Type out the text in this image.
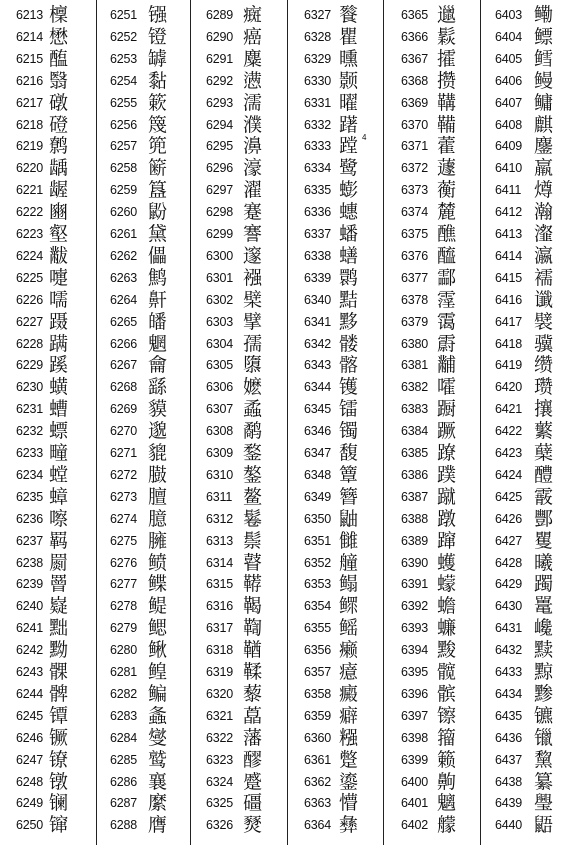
6213 檁
6214 懋
6215 醢
6216 翳
6217 礅
6218 磴
6219 鹩
6220 龋
6221 龌
6222 豳
6223 壑
6224 黻
6225 嚏
6226 嚅
6227 蹑
6228 蹒
6229 蹊
6230 蟥
6231 螬
6232 螵
6233 疃
6234 螳
6235 蟑
6236 嚓
6237 羁
6238 罽
6239 罾
6240 嶷
6241 黜
6242 黝
6243 髁
6244 髀
6245 镡
6246 镢
6247 镣
6248 镦
6249 镧
6250 镩
6251 镪
6252 镫
6253 罅
6254 黏
6255 簌
6256 篾
6257 篼
6258 簖
6259 簋
6260 鼢
6261 黛
6262 儡
6263 鹪
6264 鼾
6265 皤
6266 魍
6267 龠
6268 繇
6269 貘
6270 邈
6271 貔
6272 臌
6273 膻
6274 臆
6275 臃
6276 鲼
6277 鲽
6278 鳀
6279 鳃
6280 鳅
6281 鳇
6282 鳊
6283 螽
6284 燮
6285 鹫
6286 襄
6287 縻
6288 膺
6289 癍
6290 癌
6291 麋
6292 懑
6293 濡
6294 濮
6295 濞
6296 濠
6297 濯
6298 蹇
6299 謇
6300 邃
6301 襁
6302 檗
6303 擘
6304 孺
6305 隳
6306 嬷
6307 蟊
6308 鹬
6309 鍪
6310 鏊
6311 鳌
6312 鬈
6313 鬃
6314 瞽
6315 鞯
6316 鞨
6317 鞫
6318 鞧
6319 鞣
6320 藜
6321 藠
6322 藩
6323 醪
6324 蹙
6325 礓
6326 燹
6327 餮
6328 瞿
6329 曛
6330 颢
6331 曜
6332 躇
6333 蹚 4
6334 鹭
6335 蟛
6336 蟪
6337 蟠
6338 蟮
6339 鹮
6340 黠
6341 黟
6342 髅
6343 髂
6344 镬
6345 镭
6346 镯
6347 馥
6348 簟
6349 簪
6350 鼬
6351 雠
6352 艟
6353 鳎
6354 鳏
6355 鳐
6356 癞
6357 癔
6358 癜
6359 癖
6360 糨
6361 蹩
6362 鎏
6363 懵
6364 彝
6365 邋
6366 鬏
6367 攉
6368 攒
6369 鞲
6370 鞴
6371 藿
6372 蘧
6373 蘅
6374 麓
6375 醮
6376 醯
6377 酃
6378 霪
6379 霭
6380 霨
6381 黼
6382 嚯
6383 蹰
6384 蹶
6385 蹽
6386 蹼
6387 蹴
6388 蹾
6389 蹿
6390 蠖
6391 蠓
6392 蟾
6393 蠊
6394 黢
6395 髋
6396 髌
6397 镲
6398 籀
6399 籁
6400 齁
6401 魑
6402 艨
6403 鳓
6404 鳔
6405 鳕
6406 鳗
6407 鳙
6408 麒
6409 鏖
6410 羸
6411 燇
6412 瀚
6413 瀣
6414 瀛
6415 襦
6416 谶
6417 襞
6418 骥
6419 缵
6420 瓒
6421 攘
6422 蘩
6423 蘖
6424 醴
6425 霰
6426 酆
6427 矍
6428 曦
6429 躅
6430 鼍
6431 巉
6432 黩
6433 黥
6434 黪
6435 镳
6436 镴
6437 黧
6438 纂
6439 璺
6440 鼯
